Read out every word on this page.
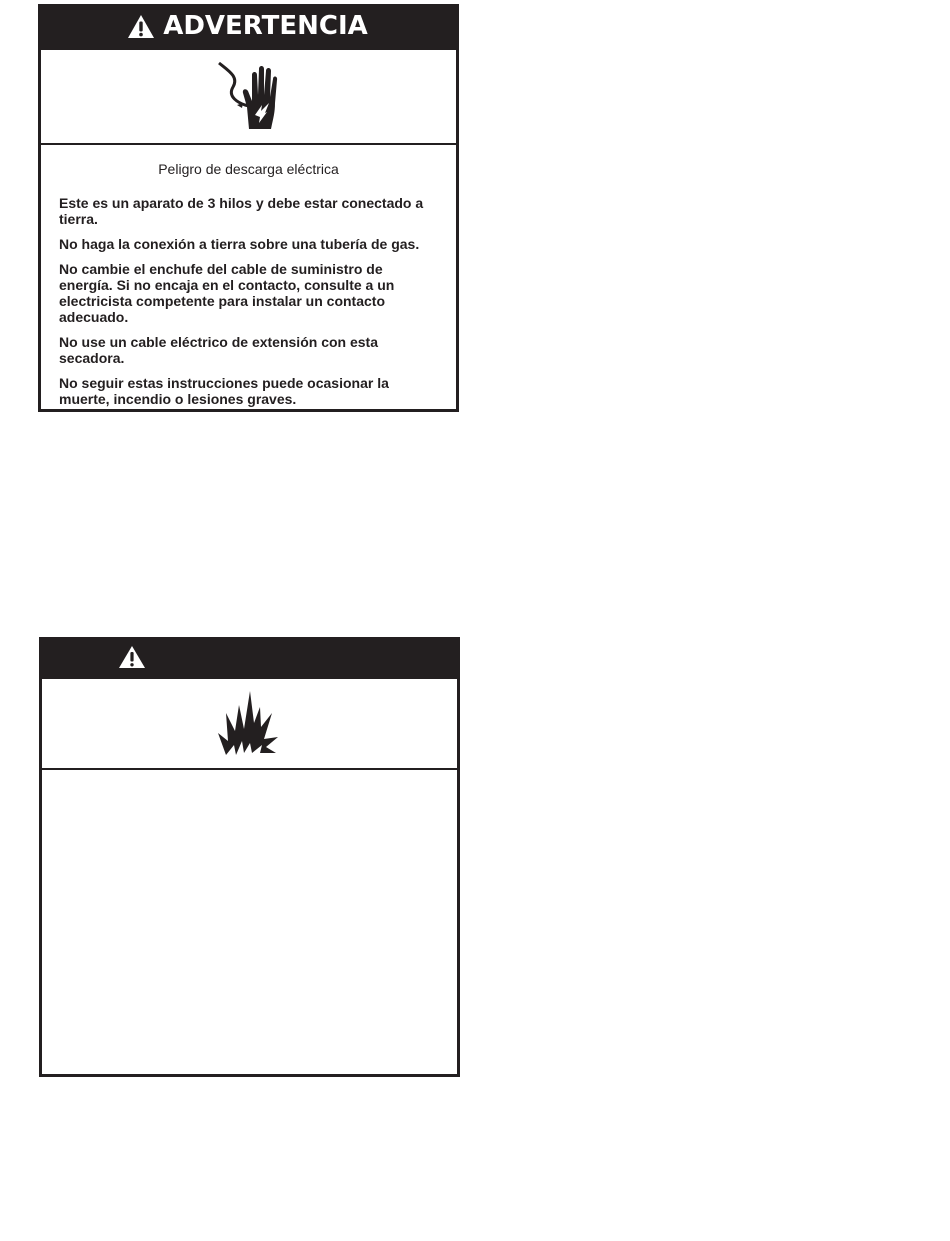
ADVERTENCIA

Peligro de descarga eléctrica

Este es un aparato de 3 hilos y debe estar conectado a tierra.
No haga la conexión a tierra sobre una tubería de gas.
No cambie el enchufe del cable de suministro de energía. Si no encaja en el contacto, consulte a un electricista competente para instalar un contacto adecuado.
No use un cable eléctrico de extensión con esta secadora.
No seguir estas instrucciones puede ocasionar la muerte, incendio o lesiones graves.
